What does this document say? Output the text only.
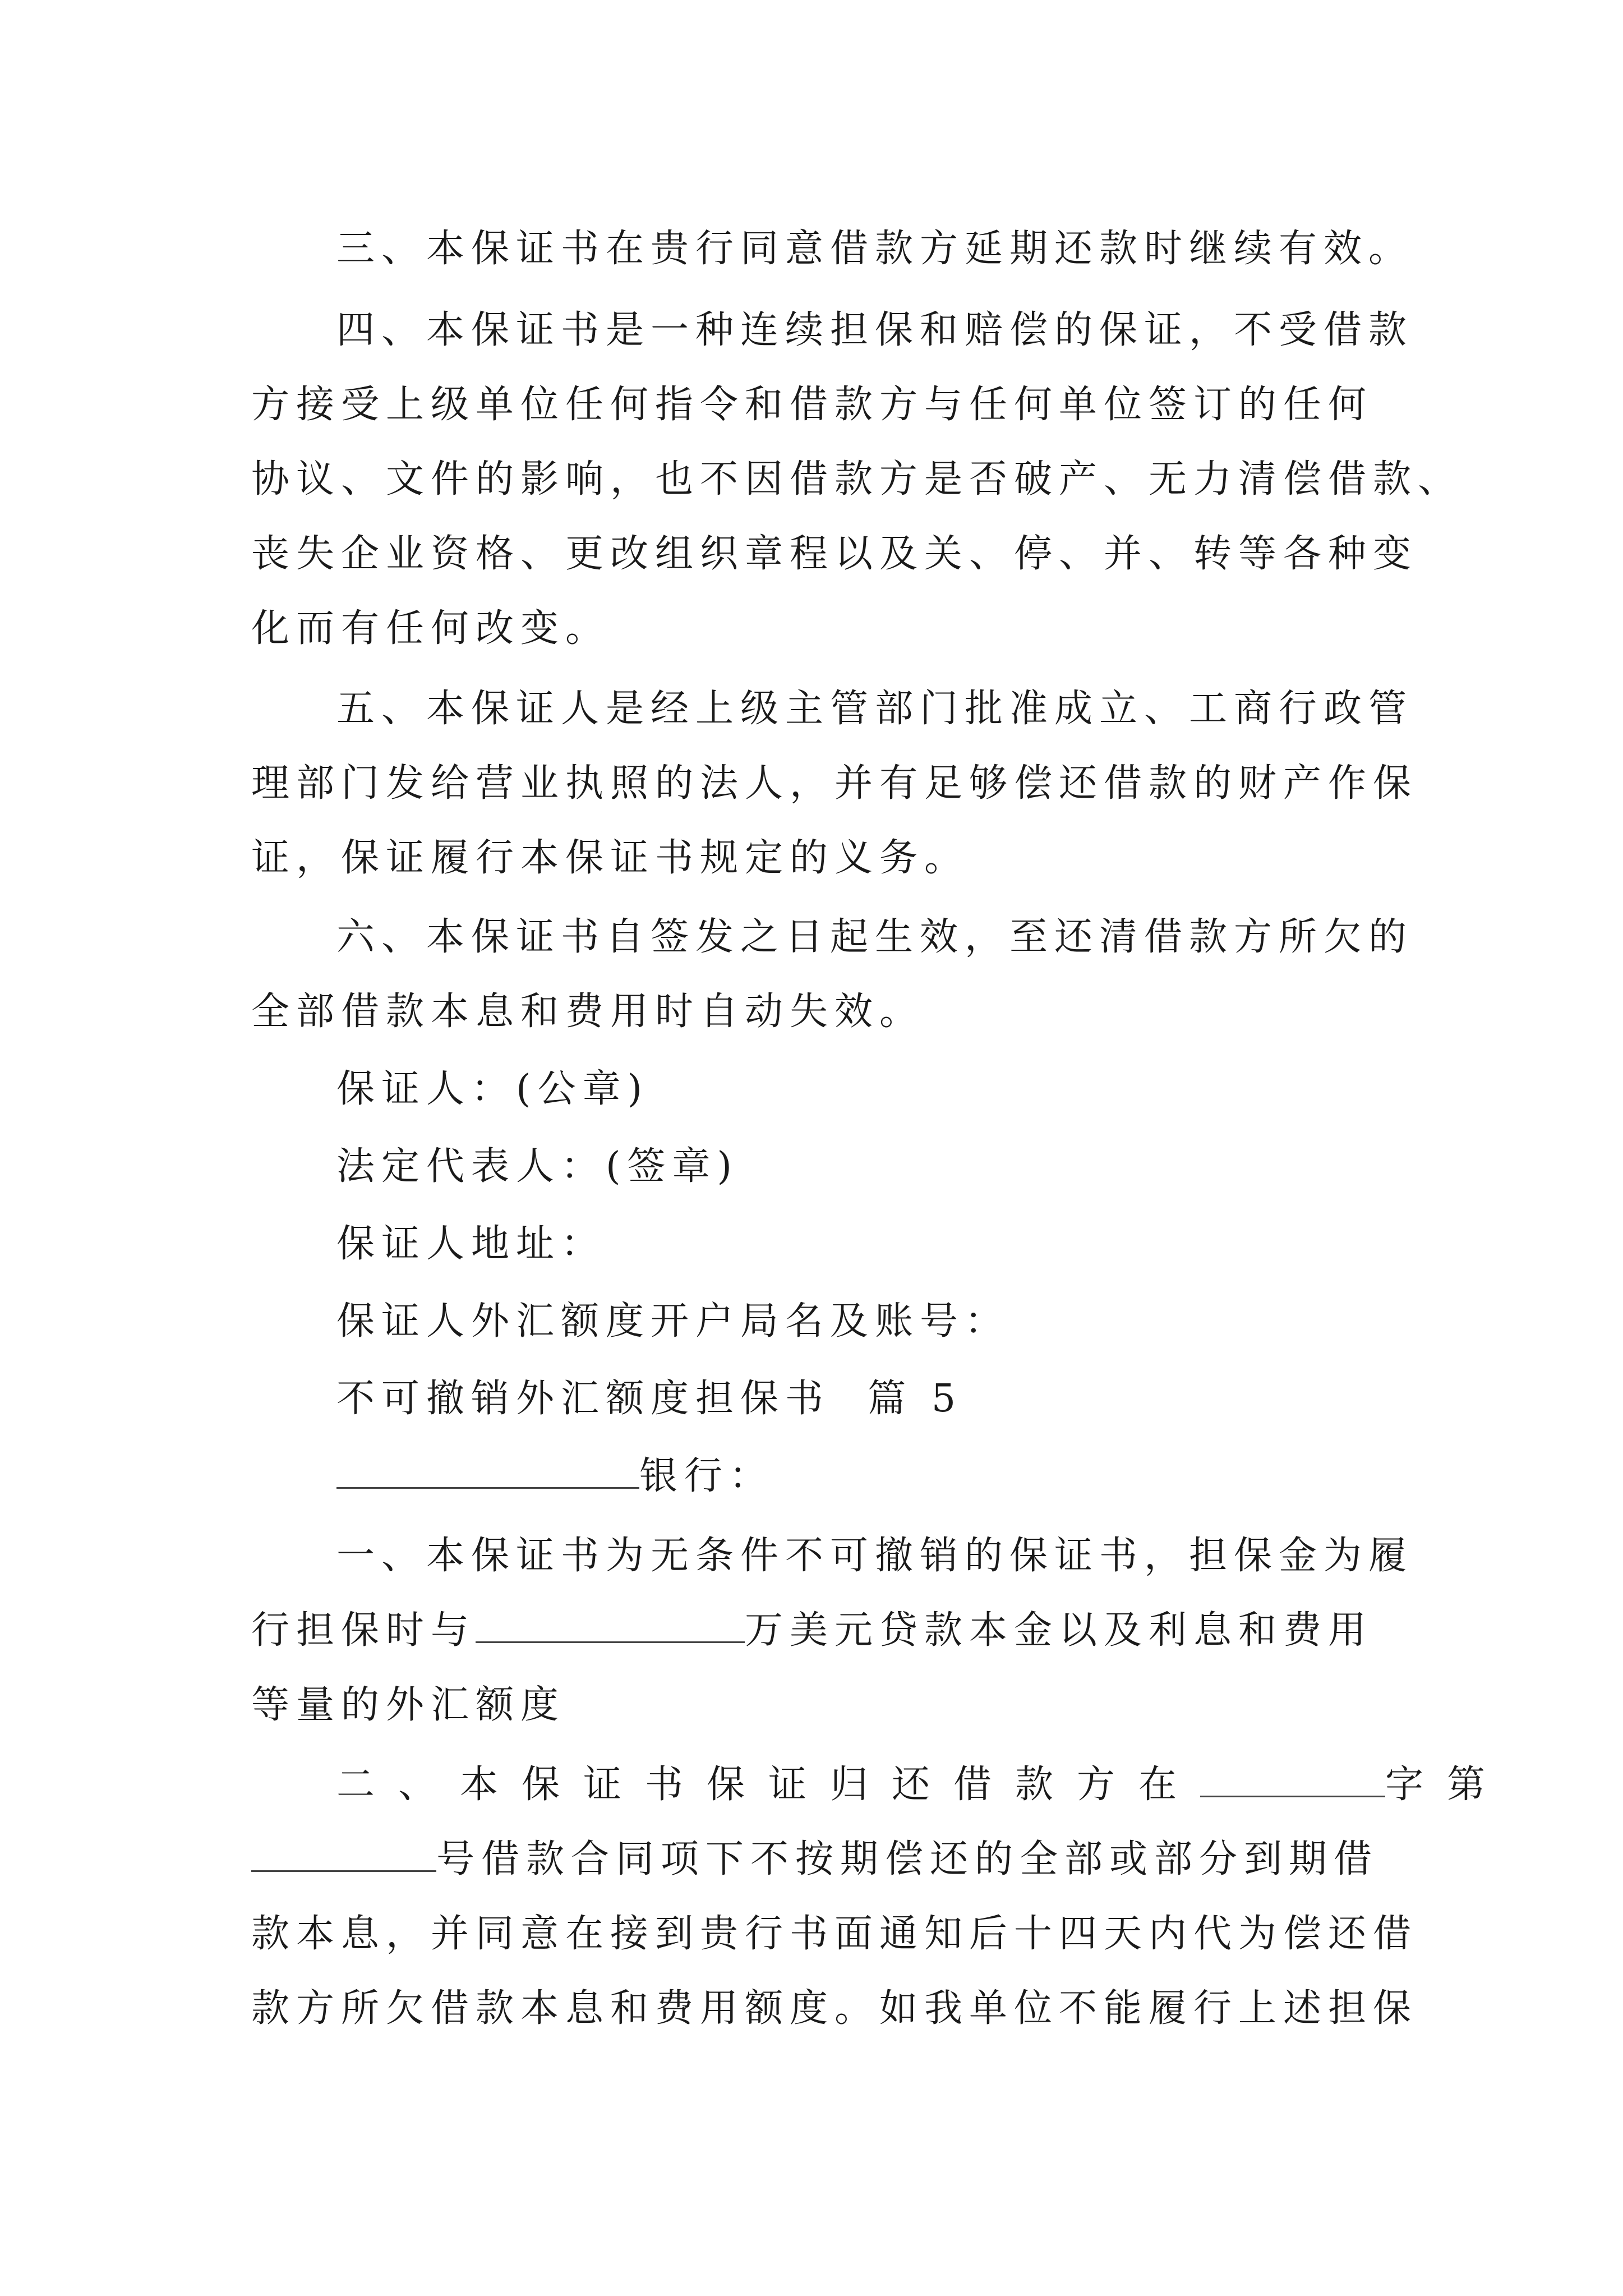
三、本保证书在贵行同意借款方延期还款时继续有效。
四、本保证书是一种连续担保和赔偿的保证，不受借款
方接受上级单位任何指令和借款方与任何单位签订的任何
协议、文件的影响，也不因借款方是否破产、无力清偿借款、
丧失企业资格、更改组织章程以及关、停、并、转等各种变
化而有任何改变。
五、本保证人是经上级主管部门批准成立、工商行政管
理部门发给营业执照的法人，并有足够偿还借款的财产作保
证，保证履行本保证书规定的义务。
六、本保证书自签发之日起生效，至还清借款方所欠的
全部借款本息和费用时自动失效。
保证人：(公章)
法定代表人：(签章)
保证人地址：
保证人外汇额度开户局名及账号：
不可撤销外汇额度担保书  篇 5
银行：
一、本保证书为无条件不可撤销的保证书，担保金为履
行担保时与	万美元贷款本金以及利息和费用
等量的外汇额度
二、本保证书保证归还借款方在	字第
号借款合同项下不按期偿还的全部或部分到期借
款本息，并同意在接到贵行书面通知后十四天内代为偿还借
款方所欠借款本息和费用额度。如我单位不能履行上述担保
